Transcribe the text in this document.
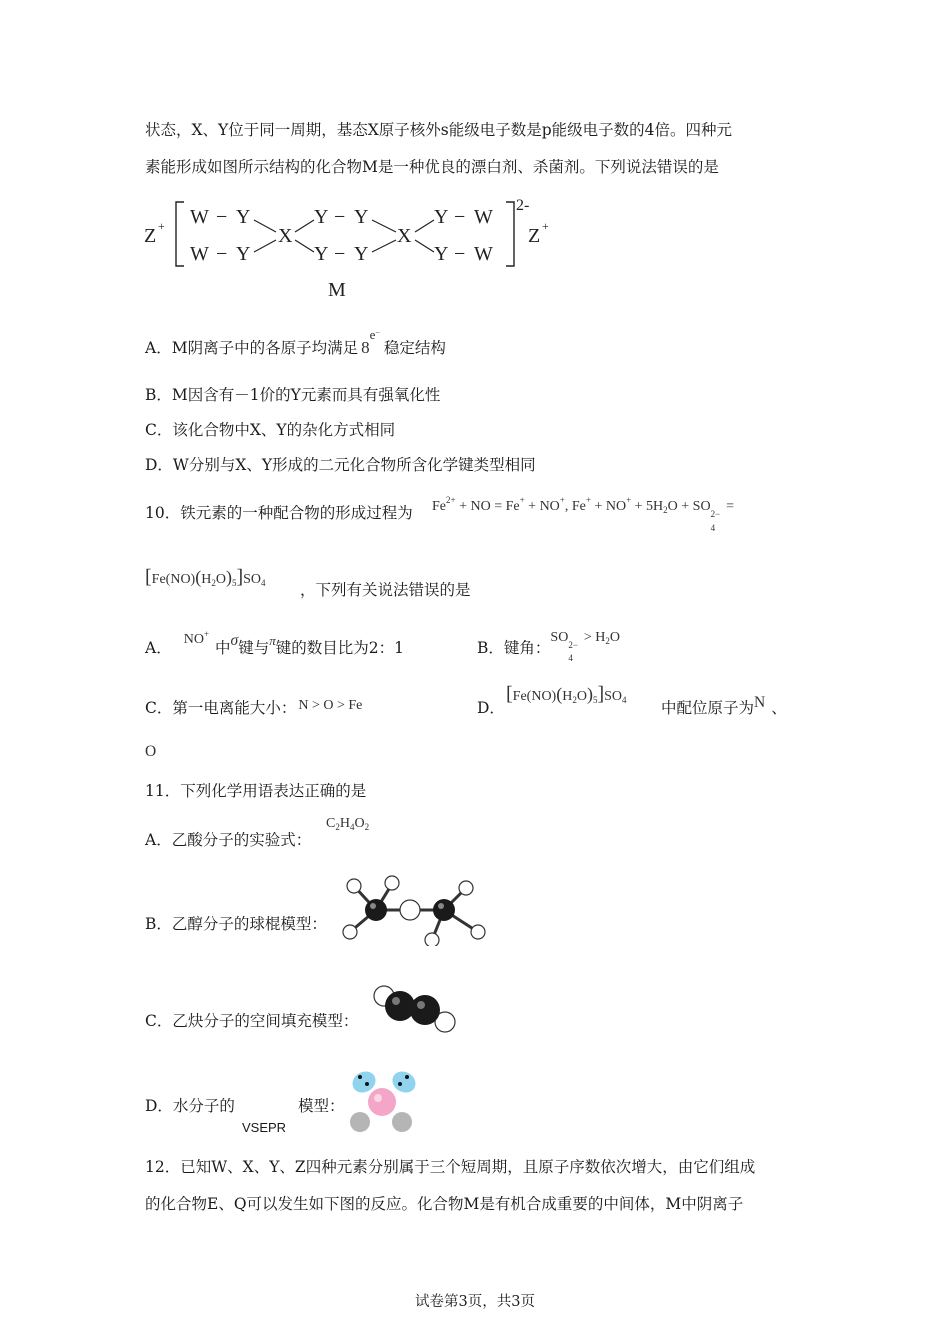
状态，X、Y位于同一周期，基态X原子核外s能级电子数是p能级电子数的4倍。四种元
素能形成如图所示结构的化合物M是一种优良的漂白剂、杀菌剂。下列说法错误的是
Z + W − Y
W − Y
X
Y − Y
Y − Y
X
Y − W
Y − W
2-
Z +
M
A．M阴离子中的各原子均满足 $8^{e-}$稳定结构
B．M因含有－1价的Y元素而具有强氧化性
C．该化合物中X、Y的杂化方式相同
D．W分别与X、Y形成的二元化合物所含化学键类型相同
10．铁元素的一种配合物的形成过程为 $Fe^{2+}$ + NO = Fe+ + NO+, $Fe^+ + NO^+ + 5H_2O$ + SO 2−
4
=
$[Fe(NO)(H_2O)_5]SO_4$ ，下列有关说法错误的是
A． NO+中σ键与$^\pi$键的数目比为2：1	B．键角：SO 2−
4
> $H_2O$
C．第一电离能大小： N > O > Fe	D．
$[Fe(NO)(H_2O)_5]SO_4$ 中配位原子为N 、
O
11．下列化学用语表达正确的是
A．乙酸分子的实验式：
$C_2H_4O_2$
B．乙醇分子的球棍模型：
C．乙炔分子的空间填充模型：
D．水分子的
VSEPR
模型：
12．已知W、X、Y、Z四种元素分别属于三个短周期，且原子序数依次增大，由它们组成
的化合物E、Q可以发生如下图的反应。化合物M是有机合成重要的中间体，M中阴离子
试卷第3页，共3页
